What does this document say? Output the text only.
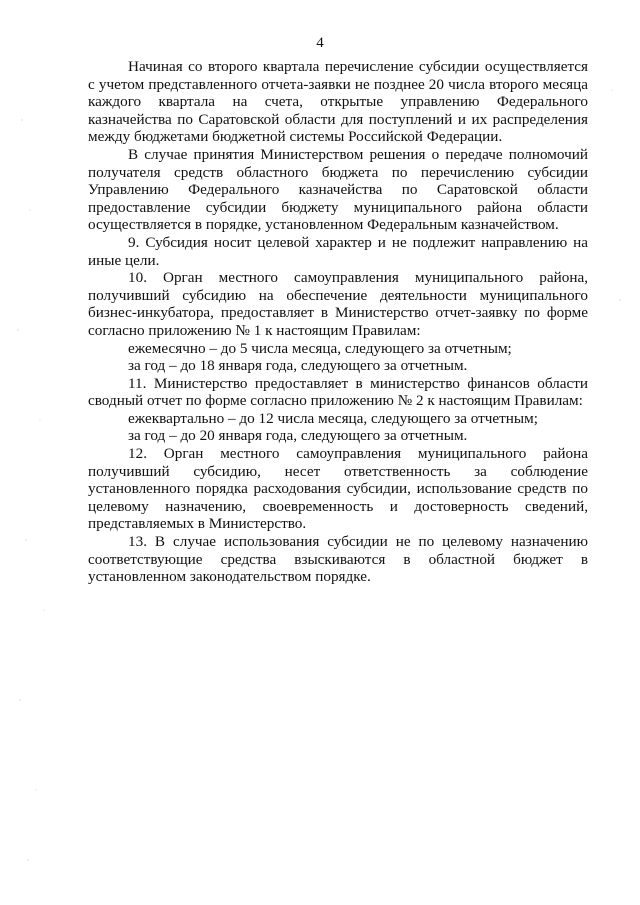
4

Начиная со второго квартала перечисление субсидии осуществляется с учетом представленного отчета-заявки не позднее 20 числа второго месяца каждого квартала на счета, открытые управлению Федерального казначейства по Саратовской области для поступлений и их распределения между бюджетами бюджетной системы Российской Федерации.

В случае принятия Министерством решения о передаче полномочий получателя средств областного бюджета по перечислению субсидии Управлению Федерального казначейства по Саратовской области предоставление субсидии бюджету муниципального района области осуществляется в порядке, установленном Федеральным казначейством.

9. Субсидия носит целевой характер и не подлежит направлению на иные цели.

10. Орган местного самоуправления муниципального района, получивший субсидию на обеспечение деятельности муниципального бизнес-инкубатора, предоставляет в Министерство отчет-заявку по форме согласно приложению № 1 к настоящим Правилам:

ежемесячно – до 5 числа месяца, следующего за отчетным;

за год – до 18 января года, следующего за отчетным.

11. Министерство предоставляет в министерство финансов области сводный отчет по форме согласно приложению № 2 к настоящим Правилам:

ежеквартально – до 12 числа месяца, следующего за отчетным;

за год – до 20 января года, следующего за отчетным.

12. Орган местного самоуправления муниципального района получивший субсидию, несет ответственность за соблюдение установленного порядка расходования субсидии, использование средств по целевому назначению, своевременность и достоверность сведений, представляемых в Министерство.

13. В случае использования субсидии не по целевому назначению соответствующие средства взыскиваются в областной бюджет в установленном законодательством порядке.
